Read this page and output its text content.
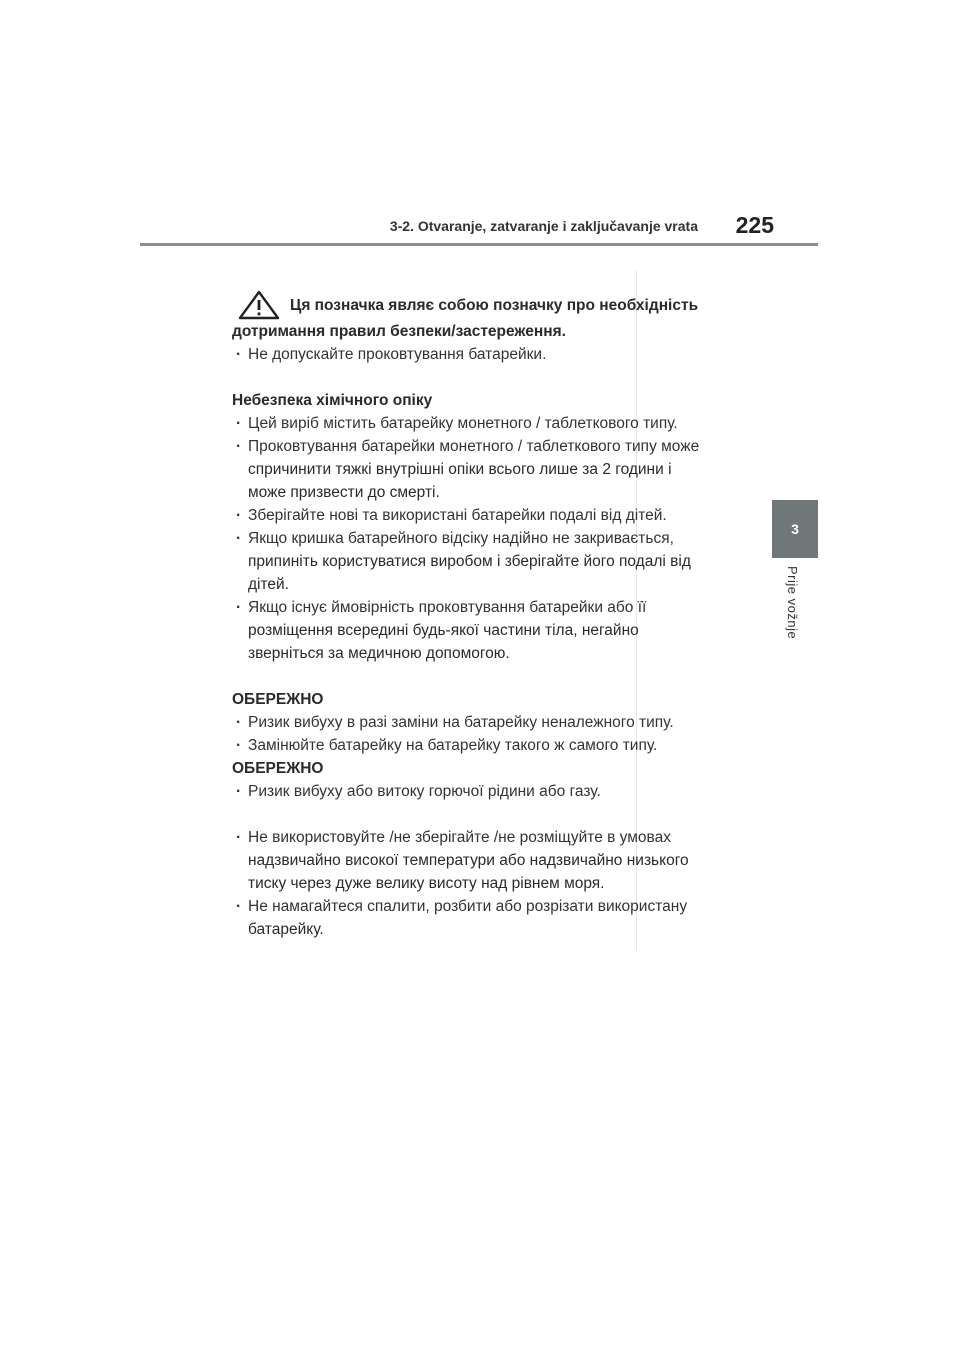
3-2. Otvaranje, zatvaranje i zaključavanje vrata 225
3
Prije vožnje
Ця позначка являє собою позначку про необхідність
дотримання правил безпеки/застереження.
· Не допускайте проковтування батарейки.
Небезпека хімічного опіку
· Цей виріб містить батарейку монетного / таблеткового типу.
· Проковтування батарейки монетного / таблеткового типу може
спричинити тяжкі внутрішні опіки всього лише за 2 години і
може призвести до смерті.
· Зберігайте нові та використані батарейки подалі від дітей.
· Якщо кришка батарейного відсіку надійно не закривається,
припиніть користуватися виробом і зберігайте його подалі від
дітей.
· Якщо існує ймовірність проковтування батарейки або її
розміщення всередині будь-якої частини тіла, негайно
зверніться за медичною допомогою.
ОБЕРЕЖНО
· Ризик вибуху в разі заміни на батарейку неналежного типу.
· Замінюйте батарейку на батарейку такого ж самого типу.
ОБЕРЕЖНО
· Ризик вибуху або витоку горючої рідини або газу.
· Не використовуйте /не зберігайте /не розміщуйте в умовах
надзвичайно високої температури або надзвичайно низького
тиску через дуже велику висоту над рівнем моря.
· Не намагайтеся спалити, розбити або розрізати використану
батарейку.
